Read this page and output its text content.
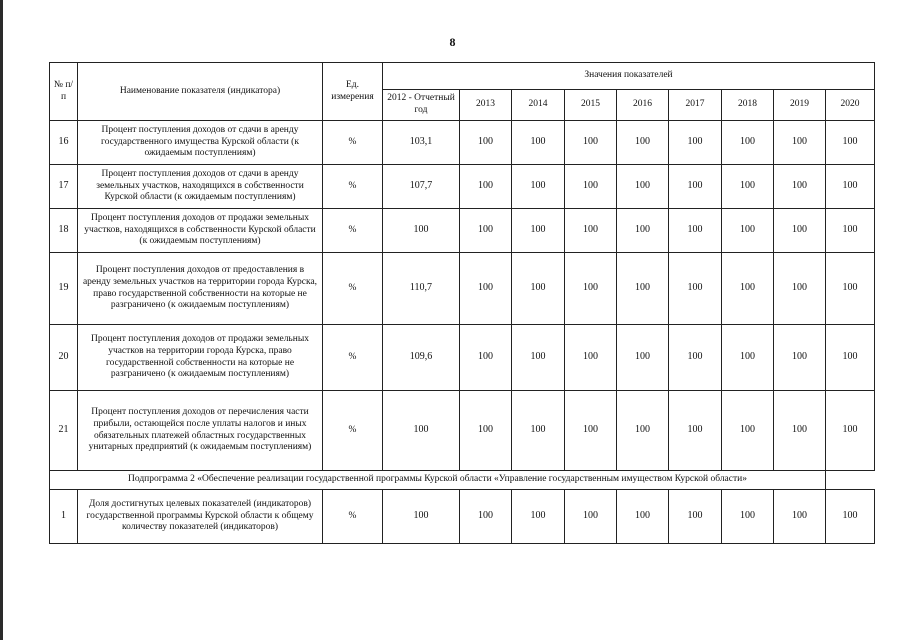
8
№ п/п	Наименование показателя (индикатора)	Ед. измерения	Значения показателей								
			2012 - Отчетный год	2013	2014	2015	2016	2017	2018	2019	2020
16	Процент поступления доходов от сдачи в аренду государственного имущества Курской области (к ожидаемым поступлениям)	%	103,1	100	100	100	100	100	100	100	100
17	Процент поступления доходов от сдачи в аренду земельных участков, находящихся в собственности Курской области (к ожидаемым поступлениям)	%	107,7	100	100	100	100	100	100	100	100
18	Процент поступления доходов от продажи земельных участков, находящихся в собственности Курской области (к ожидаемым поступлениям)	%	100	100	100	100	100	100	100	100	100
19	Процент поступления доходов от предоставления в аренду земельных участков на территории города Курска, право государственной собственности на которые не разграничено (к ожидаемым поступлениям)	%	110,7	100	100	100	100	100	100	100	100
20	Процент поступления доходов от продажи земельных участков на территории города Курска, право государственной собственности на которые не разграничено (к ожидаемым поступлениям)	%	109,6	100	100	100	100	100	100	100	100
21	Процент поступления доходов от перечисления части прибыли, остающейся после уплаты налогов и иных обязательных платежей областных государственных унитарных предприятий (к ожидаемым поступлениям)	%	100	100	100	100	100	100	100	100	100
Подпрограмма 2 «Обеспечение реализации государственной программы Курской области «Управление государственным имуществом Курской области»											
1	Доля достигнутых целевых показателей (индикаторов) государственной программы Курской области к общему количеству показателей (индикаторов)	%	100	100	100	100	100	100	100	100	100
